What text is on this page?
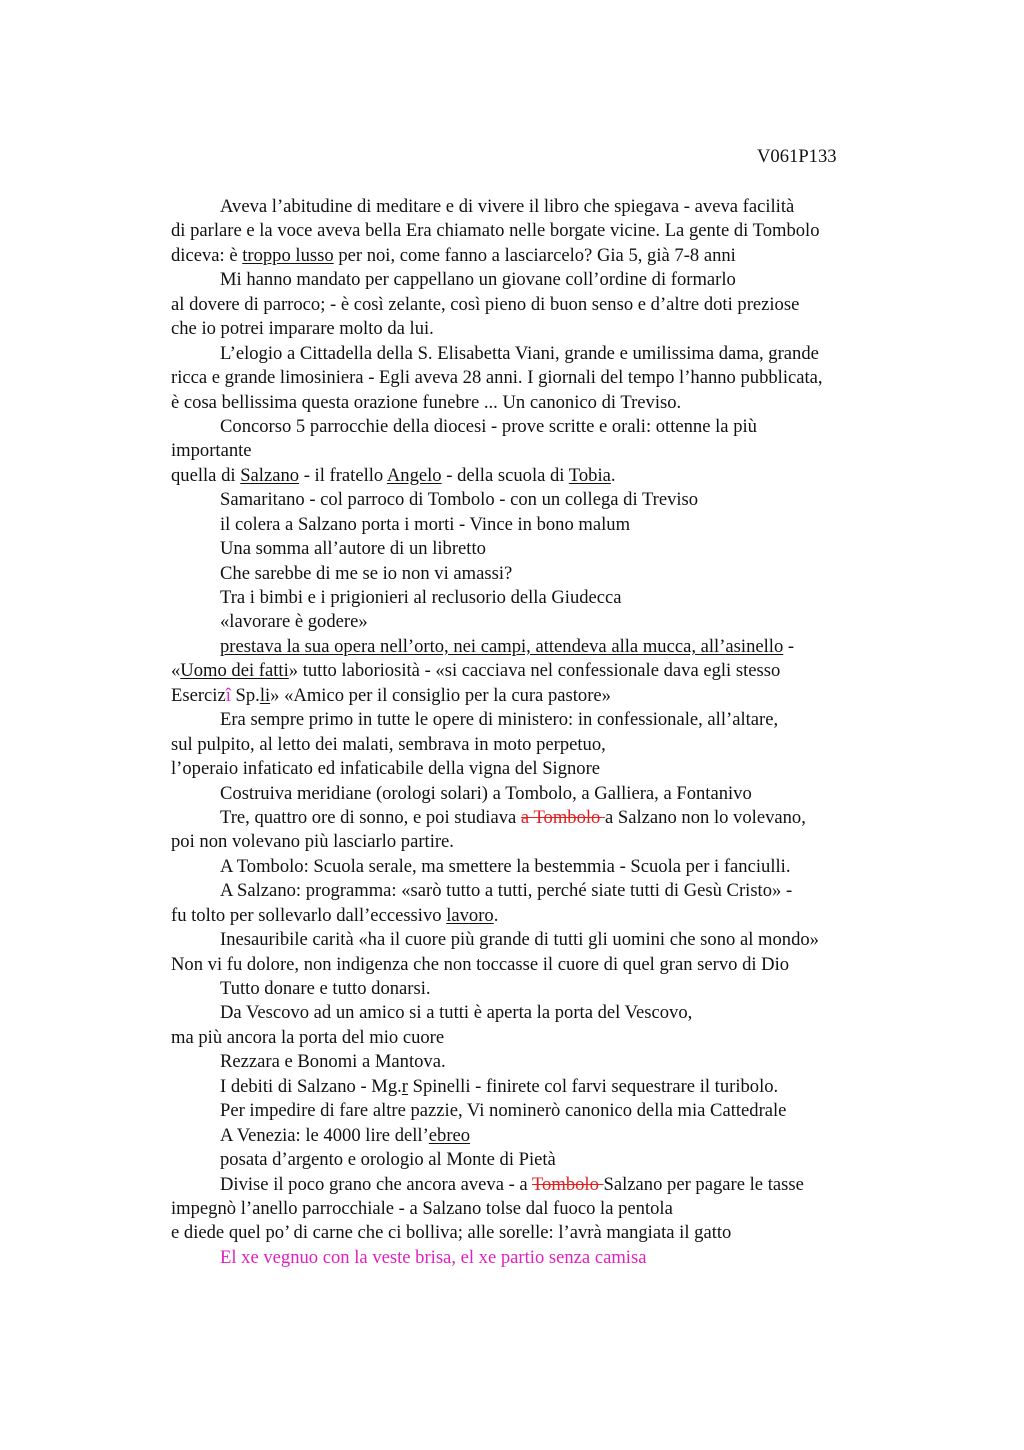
V061P133
Aveva l’abitudine di meditare e di vivere il libro che spiegava - aveva facilità
di parlare e la voce aveva bella Era chiamato nelle borgate vicine. La gente di Tombolo
diceva: è troppo lusso per noi, come fanno a lasciarcelo? Gia 5, già 7-8 anni
Mi hanno mandato per cappellano un giovane coll’ordine di formarlo
al dovere di parroco; - è così zelante, così pieno di buon senso e d’altre doti preziose
che io potrei imparare molto da lui.
L’elogio a Cittadella della S. Elisabetta Viani, grande e umilissima dama, grande
ricca e grande limosiniera - Egli aveva 28 anni. I giornali del tempo l’hanno pubblicata,
è cosa bellissima questa orazione funebre ... Un canonico di Treviso.
Concorso 5 parrocchie della diocesi - prove scritte e orali: ottenne la più
importante
quella di Salzano - il fratello Angelo - della scuola di Tobia.
Samaritano - col parroco di Tombolo - con un collega di Treviso
il colera a Salzano porta i morti - Vince in bono malum
Una somma all’autore di un libretto
Che sarebbe di me se io non vi amassi?
Tra i bimbi e i prigionieri al reclusorio della Giudecca
«lavorare è godere»
prestava la sua opera nell’orto, nei campi, attendeva alla mucca, all’asinello -
«Uomo dei fatti» tutto laboriosità - «si cacciava nel confessionale dava egli stesso
Esercizî Sp.li» «Amico per il consiglio per la cura pastore»
Era sempre primo in tutte le opere di ministero: in confessionale, all’altare,
sul pulpito, al letto dei malati, sembrava in moto perpetuo,
l’operaio infaticato ed infaticabile della vigna del Signore
Costruiva meridiane (orologi solari) a Tombolo, a Galliera, a Fontanivo
Tre, quattro ore di sonno, e poi studiava a Tombolo a Salzano non lo volevano,
poi non volevano più lasciarlo partire.
A Tombolo: Scuola serale, ma smettere la bestemmia - Scuola per i fanciulli.
A Salzano: programma: «sarò tutto a tutti, perché siate tutti di Gesù Cristo» -
fu tolto per sollevarlo dall’eccessivo lavoro.
Inesauribile carità «ha il cuore più grande di tutti gli uomini che sono al mondo»
Non vi fu dolore, non indigenza che non toccasse il cuore di quel gran servo di Dio
Tutto donare e tutto donarsi.
Da Vescovo ad un amico si a tutti è aperta la porta del Vescovo,
ma più ancora la porta del mio cuore
Rezzara e Bonomi a Mantova.
I debiti di Salzano - Mg.r Spinelli - finirete col farvi sequestrare il turibolo.
Per impedire di fare altre pazzie, Vi nominerò canonico della mia Cattedrale
A Venezia: le 4000 lire dell’ebreo
posata d’argento e orologio al Monte di Pietà
Divise il poco grano che ancora aveva - a Tombolo Salzano per pagare le tasse
impegnò l’anello parrocchiale - a Salzano tolse dal fuoco la pentola
e diede quel po’ di carne che ci bolliva; alle sorelle: l’avrà mangiata il gatto
El xe vegnuo con la veste brisa, el xe partio senza camisa
